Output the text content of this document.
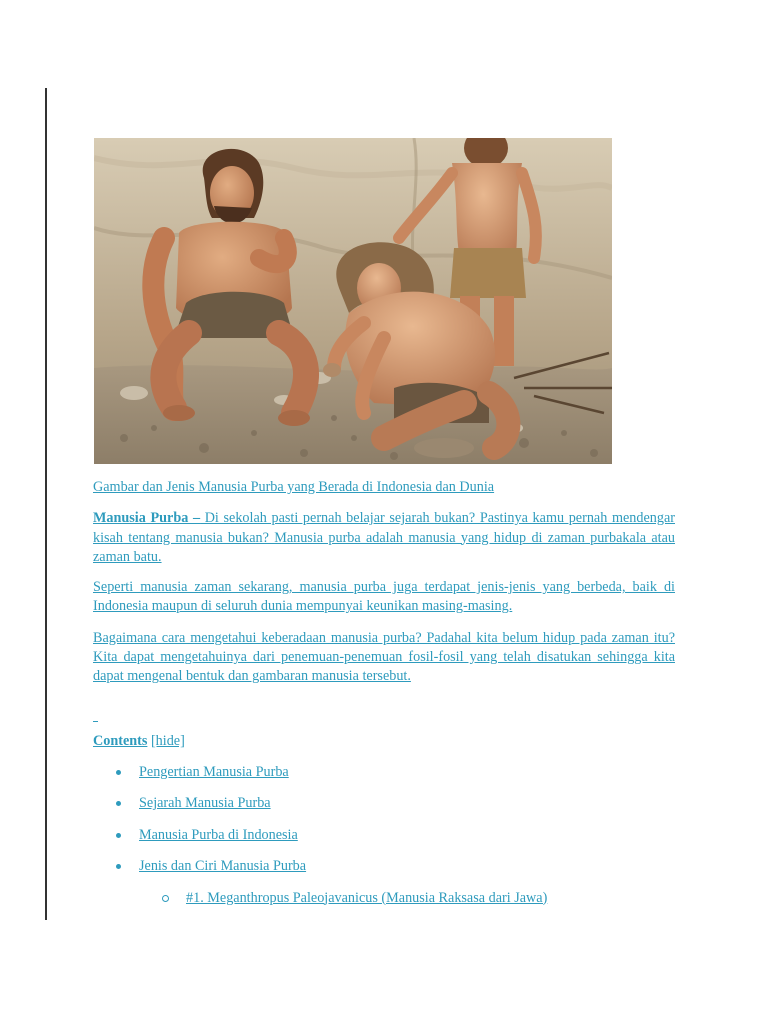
Gambar dan Jenis Manusia Purba yang Berada di Indonesia dan Dunia

Manusia Purba – Di sekolah pasti pernah belajar sejarah bukan? Pastinya kamu pernah mendengar kisah tentang manusia bukan? Manusia purba adalah manusia yang hidup di zaman purbakala atau zaman batu.

Seperti manusia zaman sekarang, manusia purba juga terdapat jenis-jenis yang berbeda, baik di Indonesia maupun di seluruh dunia mempunyai keunikan masing-masing.

Bagaimana cara mengetahui keberadaan manusia purba? Padahal kita belum hidup pada zaman itu? Kita dapat mengetahuinya dari penemuan-penemuan fosil-fosil yang telah disatukan sehingga kita dapat mengenal bentuk dan gambaran manusia tersebut.

Contents [hide]
Pengertian Manusia Purba
Sejarah Manusia Purba
Manusia Purba di Indonesia
Jenis dan Ciri Manusia Purba
#1. Meganthropus Paleojavanicus (Manusia Raksasa dari Jawa)
